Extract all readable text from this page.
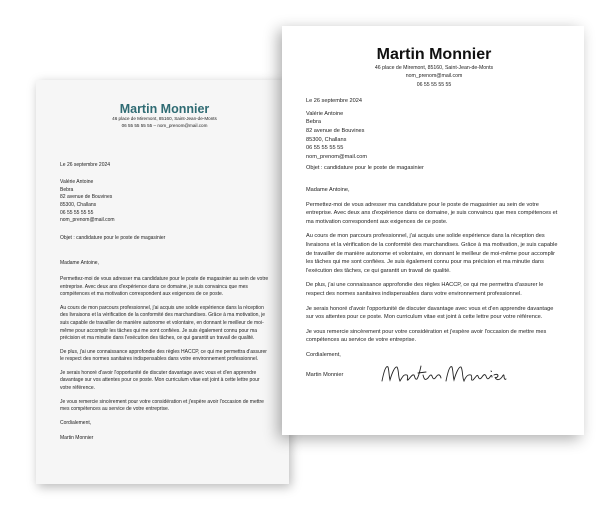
Martin Monnier
46 place de Miremont, 85160, Saint-Jean-de-Monts
06 55 55 55 55 – nom_prenom@mail.com
Le 26 septembre 2024
Valérie Antoine
Bebra
82 avenue de Bouvines
85300, Challans
06 55 55 55 55
nom_prenom@mail.com
Objet : candidature pour le poste de magasinier
Madame Antoine,

Permettez-moi de vous adresser ma candidature pour le poste de magasinier au sein de votre entreprise. Avec deux ans d'expérience dans ce domaine, je suis convaincu que mes compétences et ma motivation correspondent aux exigences de ce poste.

Au cours de mon parcours professionnel, j'ai acquis une solide expérience dans la réception des livraisons et la vérification de la conformité des marchandises. Grâce à ma motivation, je suis capable de travailler de manière autonome et volontaire, en donnant le meilleur de moi-même pour accomplir les tâches qui me sont confiées. Je suis également connu pour ma précision et ma minutie dans l'exécution des tâches, ce qui garantit un travail de qualité.

De plus, j'ai une connaissance approfondie des règles HACCP, ce qui me permettra d'assurer le respect des normes sanitaires indispensables dans votre environnement professionnel.

Je serais honoré d'avoir l'opportunité de discuter davantage avec vous et d'en apprendre davantage sur vos attentes pour ce poste. Mon curriculum vitae est joint à cette lettre pour votre référence.

Je vous remercie sincèrement pour votre considération et j'espère avoir l'occasion de mettre mes compétences au service de votre entreprise.

Cordialement,
Martin Monnier
Martin Monnier
46 place de Miremont, 85160, Saint-Jean-de-Monts
nom_prenom@mail.com
06 55 55 55 55
Le 26 septembre 2024
Valérie Antoine
Bebra
82 avenue de Bouvines
85300, Challans
06 55 55 55 55
nom_prenom@mail.com
Objet : candidature pour le poste de magasinier
Madame Antoine,

Permettez-moi de vous adresser ma candidature pour le poste de magasinier au sein de votre entreprise. Avec deux ans d'expérience dans ce domaine, je suis convaincu que mes compétences et ma motivation correspondent aux exigences de ce poste.

Au cours de mon parcours professionnel, j'ai acquis une solide expérience dans la réception des livraisons et la vérification de la conformité des marchandises. Grâce à ma motivation, je suis capable de travailler de manière autonome et volontaire, en donnant le meilleur de moi-même pour accomplir les tâches qui me sont confiées. Je suis également connu pour ma précision et ma minutie dans l'exécution des tâches, ce qui garantit un travail de qualité.

De plus, j'ai une connaissance approfondie des règles HACCP, ce qui me permettra d'assurer le respect des normes sanitaires indispensables dans votre environnement professionnel.

Je serais honoré d'avoir l'opportunité de discuter davantage avec vous et d'en apprendre davantage sur vos attentes pour ce poste. Mon curriculum vitae est joint à cette lettre pour votre référence.

Je vous remercie sincèrement pour votre considération et j'espère avoir l'occasion de mettre mes compétences au service de votre entreprise.

Cordialement,
Martin Monnier
